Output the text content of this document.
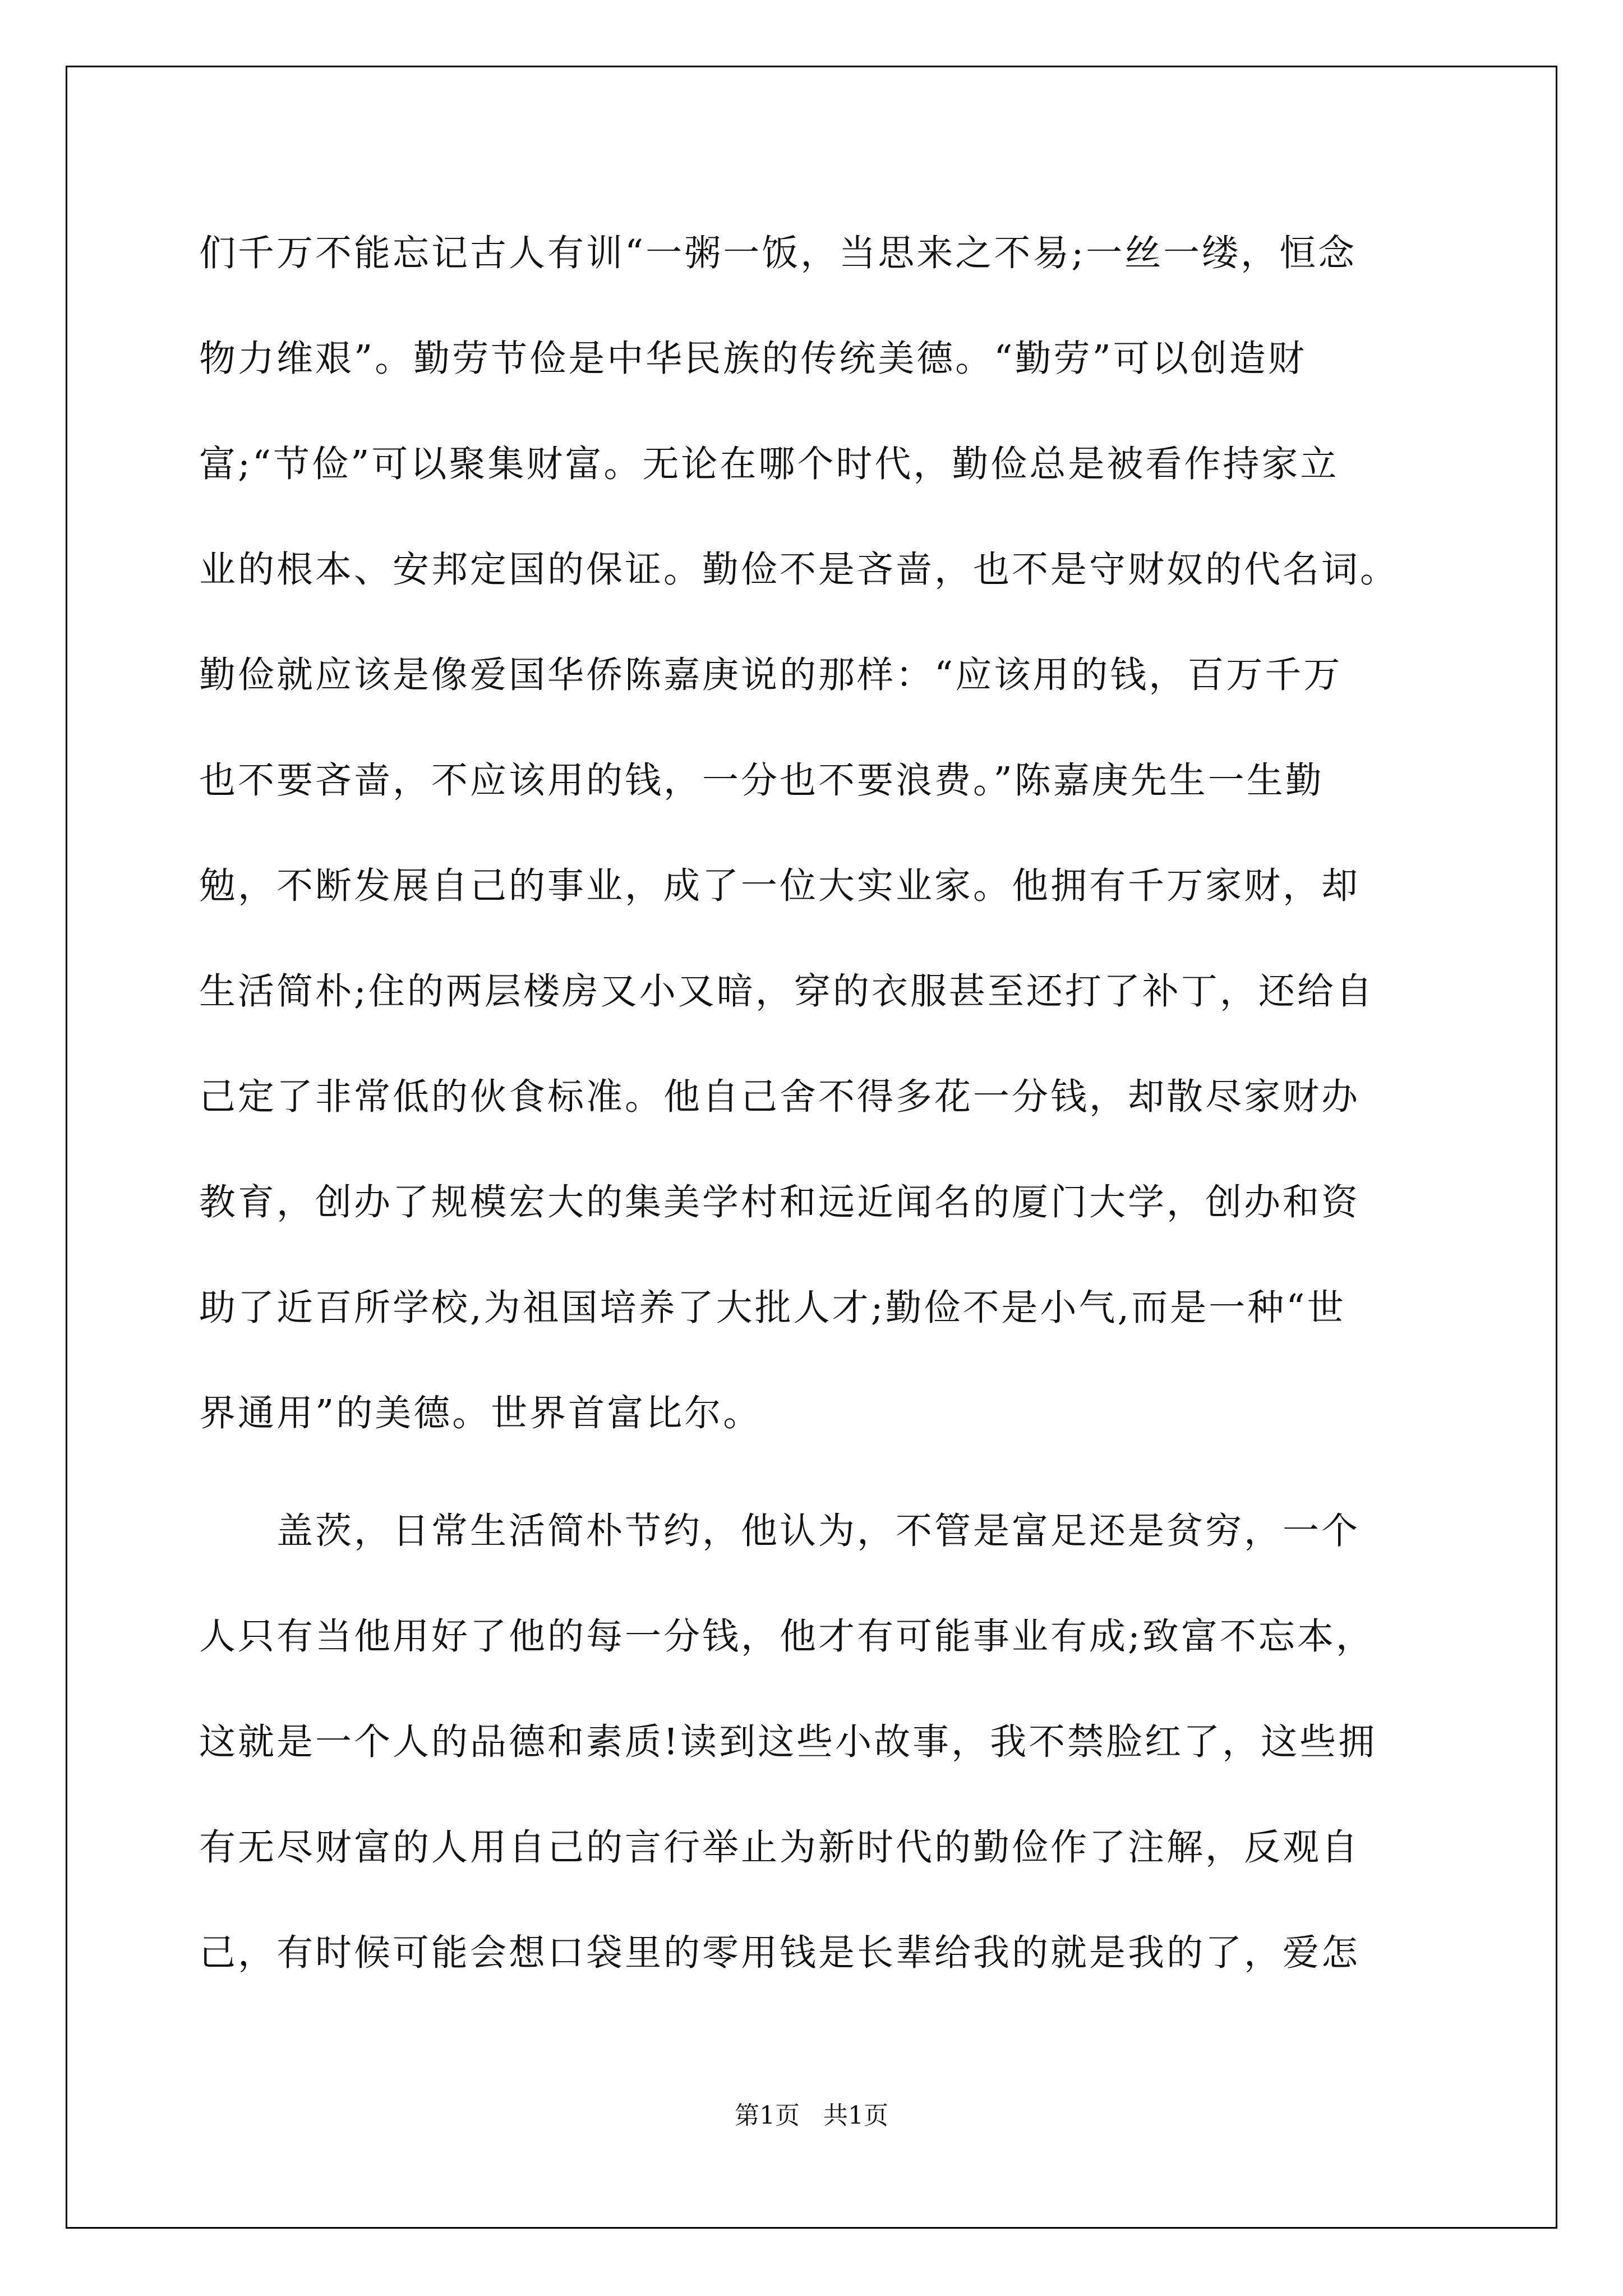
们千万不能忘记古人有训“一粥一饭，当思来之不易;一丝一缕，恒念
物力维艰”。勤劳节俭是中华民族的传统美德。“勤劳”可以创造财
富;“节俭”可以聚集财富。无论在哪个时代，勤俭总是被看作持家立
业的根本、安邦定国的保证。勤俭不是吝啬，也不是守财奴的代名词。
勤俭就应该是像爱国华侨陈嘉庚说的那样：“应该用的钱，百万千万
也不要吝啬，不应该用的钱，一分也不要浪费。”陈嘉庚先生一生勤
勉，不断发展自己的事业，成了一位大实业家。他拥有千万家财，却
生活简朴;住的两层楼房又小又暗，穿的衣服甚至还打了补丁，还给自
己定了非常低的伙食标准。他自己舍不得多花一分钱，却散尽家财办
教育，创办了规模宏大的集美学村和远近闻名的厦门大学，创办和资
助了近百所学校,为祖国培养了大批人才;勤俭不是小气,而是一种“世
界通用”的美德。世界首富比尔。
　　盖茨，日常生活简朴节约，他认为，不管是富足还是贫穷，一个
人只有当他用好了他的每一分钱，他才有可能事业有成;致富不忘本，
这就是一个人的品德和素质!读到这些小故事，我不禁脸红了，这些拥
有无尽财富的人用自己的言行举止为新时代的勤俭作了注解，反观自
己，有时候可能会想口袋里的零用钱是长辈给我的就是我的了，爱怎
第1页 共1页
